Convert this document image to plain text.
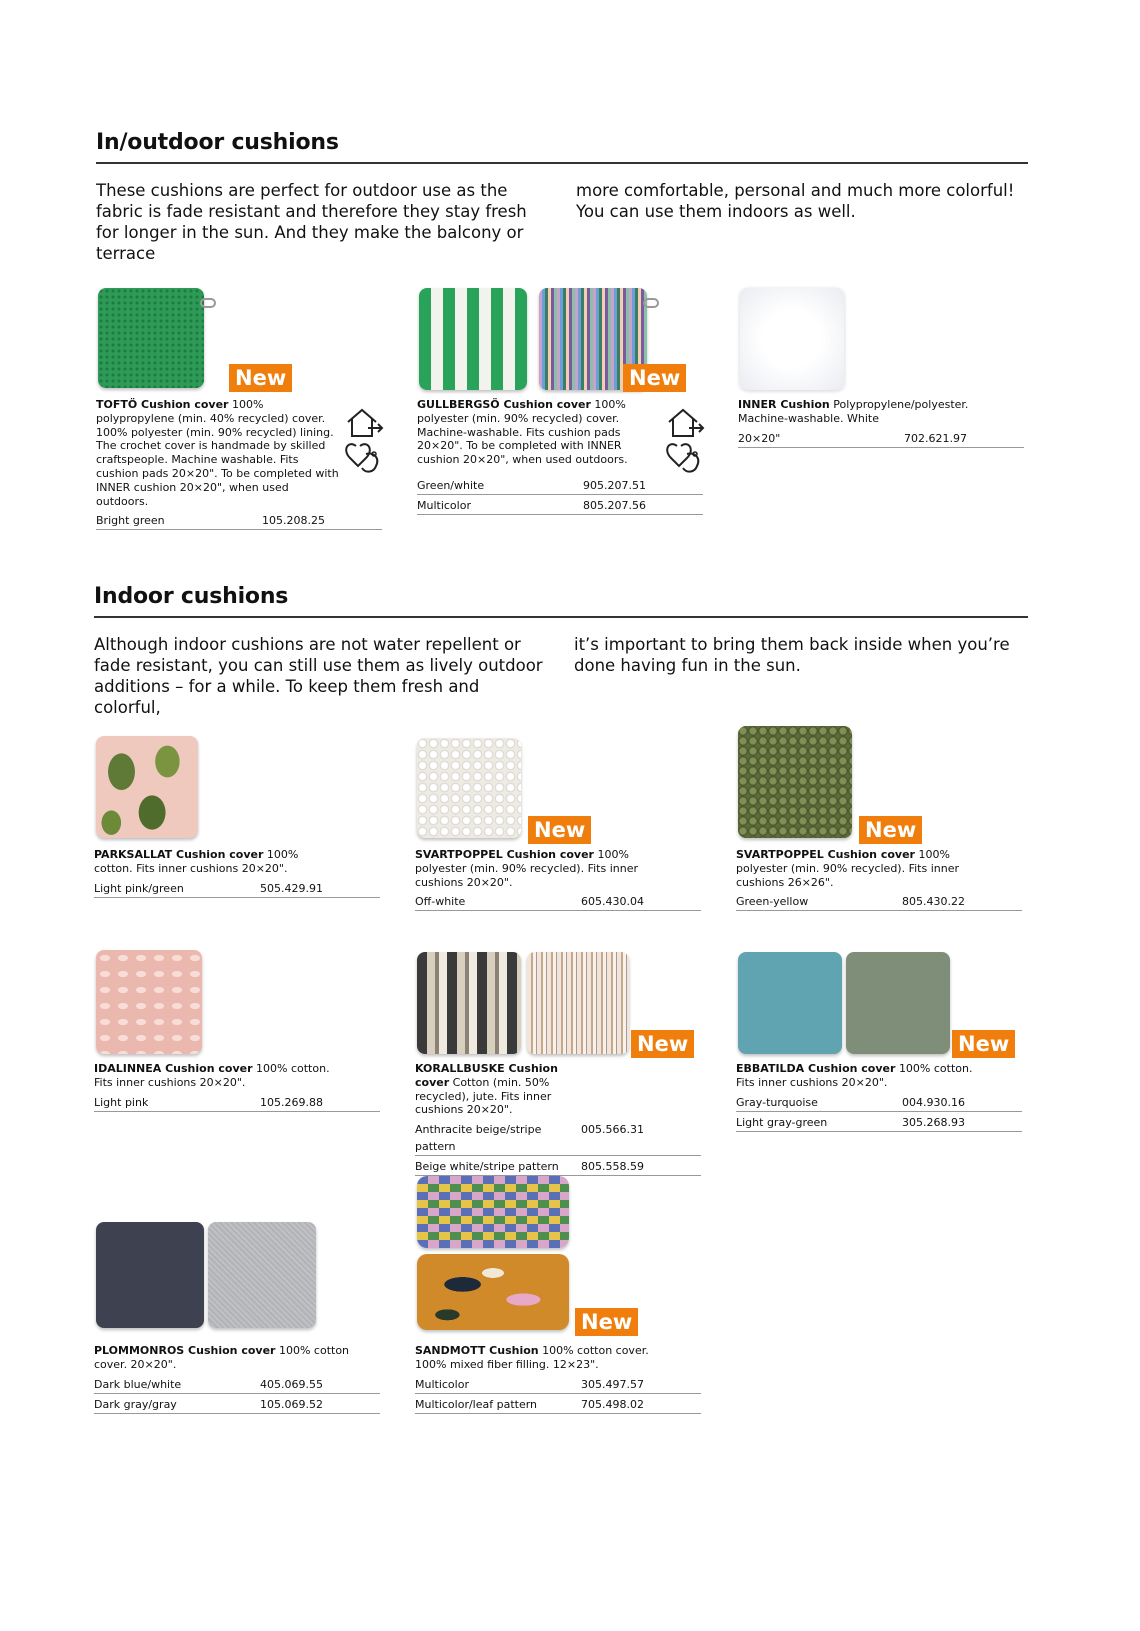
In/outdoor cushions
These cushions are perfect for outdoor use as the fabric is fade resistant and therefore they stay fresh for longer in the sun. And they make the balcony or terrace
more comfortable, personal and much more colorful! You can use them indoors as well.
New
TOFTÖ Cushion cover 100% polypropylene (min. 40% recycled) cover. 100% polyester (min. 90% recycled) lining. The crochet cover is handmade by skilled craftspeople. Machine washable. Fits cushion pads 20×20". To be completed with INNER cushion 20×20", when used outdoors.
Bright green	105.208.25
New
GULLBERGSÖ Cushion cover 100% polyester (min. 90% recycled) cover. Machine-washable. Fits cushion pads 20×20". To be completed with INNER cushion 20×20", when used outdoors.
Green/white	905.207.51
Multicolor	805.207.56
INNER Cushion Polypropylene/polyester. Machine-washable. White
20×20"	702.621.97
Indoor cushions
Although indoor cushions are not water repellent or fade resistant, you can still use them as lively outdoor additions – for a while. To keep them fresh and colorful,
it’s important to bring them back inside when you’re done having fun in the sun.
PARKSALLAT Cushion cover 100% cotton. Fits inner cushions 20×20".
Light pink/green	505.429.91
New
SVARTPOPPEL Cushion cover 100% polyester (min. 90% recycled). Fits inner cushions 20×20".
Off-white	605.430.04
New
SVARTPOPPEL Cushion cover 100% polyester (min. 90% recycled). Fits inner cushions 26×26".
Green-yellow	805.430.22
IDALINNEA Cushion cover 100% cotton. Fits inner cushions 20×20".
Light pink	105.269.88
New
KORALLBUSKE Cushion cover Cotton (min. 50% recycled), jute. Fits inner cushions 20×20".
Anthracite beige/stripe pattern
005.566.31
Beige white/stripe pattern	805.558.59
New
EBBATILDA Cushion cover 100% cotton. Fits inner cushions 20×20".
Gray-turquoise	004.930.16
Light gray-green	305.268.93
PLOMMONROS Cushion cover 100% cotton cover. 20×20".
Dark blue/white	405.069.55
Dark gray/gray	105.069.52
New
SANDMOTT Cushion 100% cotton cover. 100% mixed fiber filling. 12×23".
Multicolor	305.497.57
Multicolor/leaf pattern	705.498.02
